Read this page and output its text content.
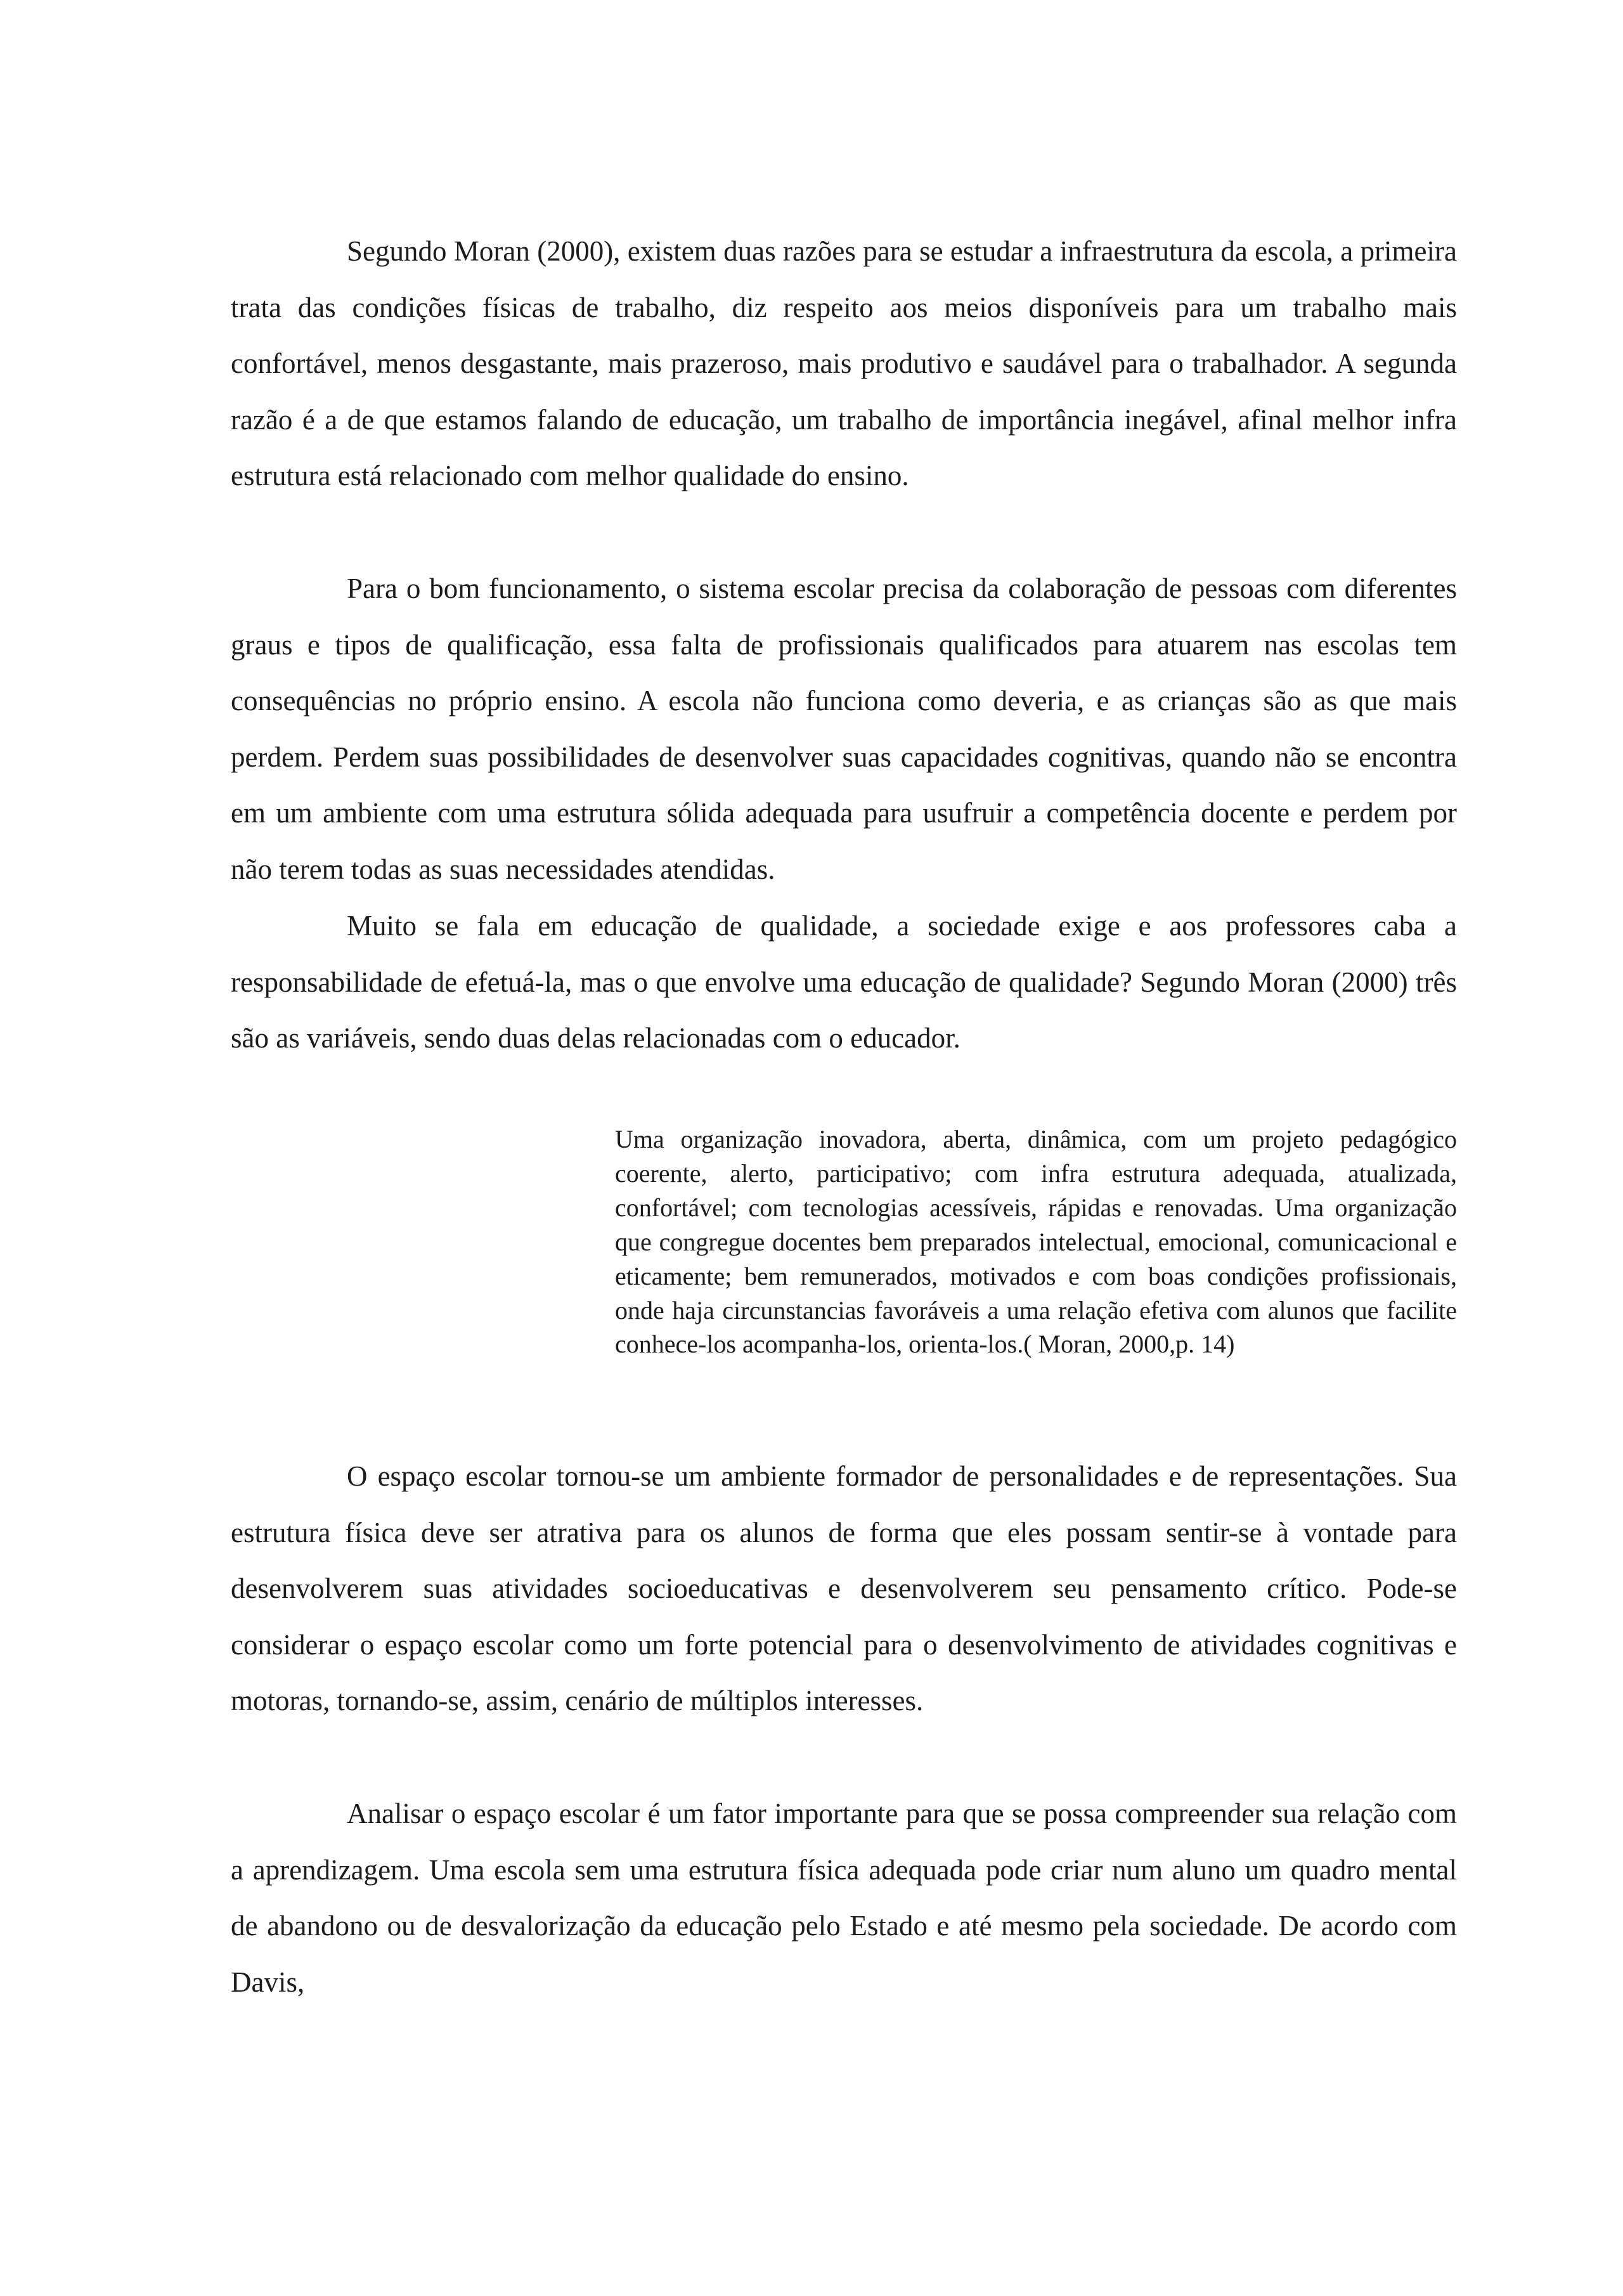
Segundo Moran (2000), existem duas razões para se estudar a infraestrutura da escola, a primeira trata das condições físicas de trabalho, diz respeito aos meios disponíveis para um trabalho mais confortável, menos desgastante, mais prazeroso, mais produtivo e saudável para o trabalhador. A segunda razão é a de que estamos falando de educação, um trabalho de importância inegável, afinal melhor infra estrutura está relacionado com melhor qualidade do ensino.

Para o bom funcionamento, o sistema escolar precisa da colaboração de pessoas com diferentes graus e tipos de qualificação, essa falta de profissionais qualificados para atuarem nas escolas tem consequências no próprio ensino. A escola não funciona como deveria, e as crianças são as que mais perdem. Perdem suas possibilidades de desenvolver suas capacidades cognitivas, quando não se encontra em um ambiente com uma estrutura sólida adequada para usufruir a competência docente e perdem por não terem todas as suas necessidades atendidas.

Muito se fala em educação de qualidade, a sociedade exige e aos professores caba a responsabilidade de efetuá-la, mas o que envolve uma educação de qualidade? Segundo Moran (2000) três são as variáveis, sendo duas delas relacionadas com o educador.

Uma organização inovadora, aberta, dinâmica, com um projeto pedagógico coerente, alerto, participativo; com infra estrutura adequada, atualizada, confortável; com tecnologias acessíveis, rápidas e renovadas. Uma organização que congregue docentes bem preparados intelectual, emocional, comunicacional e eticamente; bem remunerados, motivados e com boas condições profissionais, onde haja circunstancias favoráveis a uma relação efetiva com alunos que facilite conhece-los acompanha-los, orienta-los.( Moran, 2000,p. 14)

O espaço escolar tornou-se um ambiente formador de personalidades e de representações. Sua estrutura física deve ser atrativa para os alunos de forma que eles possam sentir-se à vontade para desenvolverem suas atividades socioeducativas e desenvolverem seu pensamento crítico. Pode-se considerar o espaço escolar como um forte potencial para o desenvolvimento de atividades cognitivas e motoras, tornando-se, assim, cenário de múltiplos interesses.

Analisar o espaço escolar é um fator importante para que se possa compreender sua relação com a aprendizagem. Uma escola sem uma estrutura física adequada pode criar num aluno um quadro mental de abandono ou de desvalorização da educação pelo Estado e até mesmo pela sociedade. De acordo com Davis,
